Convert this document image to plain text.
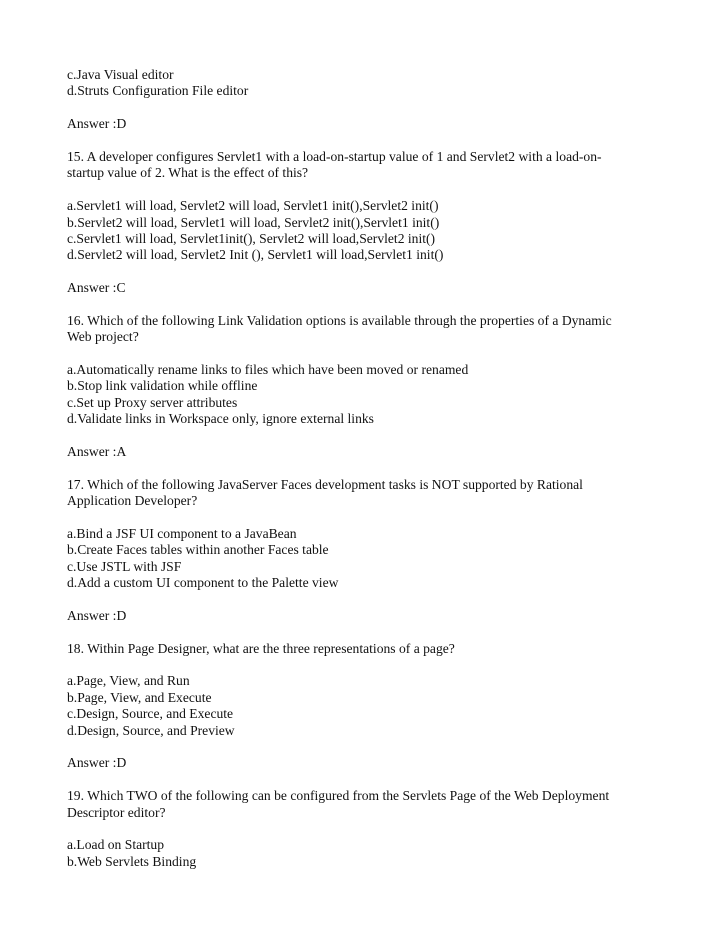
c.Java Visual editor
d.Struts Configuration File editor
Answer :D
15. A developer configures Servlet1 with a load-on-startup value of 1 and Servlet2 with a load-on-
startup value of 2. What is the effect of this?
a.Servlet1 will load, Servlet2 will load, Servlet1 init(),Servlet2 init()
b.Servlet2 will load, Servlet1 will load, Servlet2 init(),Servlet1 init()
c.Servlet1 will load, Servlet1init(), Servlet2 will load,Servlet2 init()
d.Servlet2 will load, Servlet2 Init (), Servlet1 will load,Servlet1 init()
Answer :C
16. Which of the following Link Validation options is available through the properties of a Dynamic
Web project?
a.Automatically rename links to files which have been moved or renamed
b.Stop link validation while offline
c.Set up Proxy server attributes
d.Validate links in Workspace only, ignore external links
Answer :A
17. Which of the following JavaServer Faces development tasks is NOT supported by Rational
Application Developer?
a.Bind a JSF UI component to a JavaBean
b.Create Faces tables within another Faces table
c.Use JSTL with JSF
d.Add a custom UI component to the Palette view
Answer :D
18. Within Page Designer, what are the three representations of a page?
a.Page, View, and Run
b.Page, View, and Execute
c.Design, Source, and Execute
d.Design, Source, and Preview
Answer :D
19. Which TWO of the following can be configured from the Servlets Page of the Web Deployment
Descriptor editor?
a.Load on Startup
b.Web Servlets Binding
